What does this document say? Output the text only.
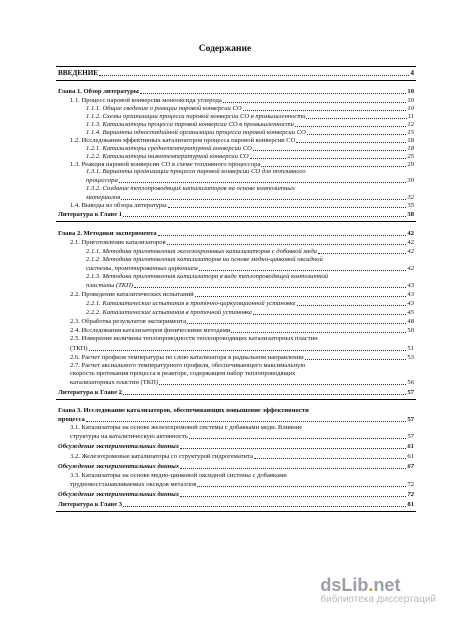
Содержание
ВВЕДЕНИЕ	4
Глава 1. Обзор литературы	10
1.1. Процесс паровой конверсии монооксида углерода	10
1.1.1. Общие сведения о реакции паровой конверсии CO	10
1.1.2. Схемы организации процесса паровой конверсии CO в промышленности	11
1.1.3. Катализаторы процесса паровой конверсии CO в промышленности	12
1.1.4. Варианты одностадийной организации процесса паровой конверсии CO	15
1.2. Исследования эффективных катализаторов процесса паровой конверсии CO	18
1.2.1. Катализаторы среднетемпературной конверсии CO	18
1.2.2. Катализаторы низкотемпературной конверсии CO	25
1.3. Реакция паровой конверсии CO в схеме топливного процессора	29
1.3.1. Варианты организации процесса паровой конверсии CO для топливного
процессора	30
1.3.2. Создание теплопроводящих катализаторов на основе композитных
материалов	32
1.4. Выводы из обзора литературы	35
Литература к Главе 1	38
Глава 2. Методики эксперимента	42
2.1. Приготовление катализаторов	42
2.1.1. Методика приготовления железохромовых катализаторов с добавкой меди	42
2.1.2. Методика приготовления катализаторов на основе медно-цинковой оксидной
системы, промотированных цирконием	42
2.1.3. Методика приготовления катализатора в виде теплопроводящей композитной
пластины (ТКП)	43
2.2. Проведение каталитических испытаний	43
2.2.1. Каталитические испытания в проточно-циркуляционной установке	43
2.2.2. Каталитические испытания в проточной установке	45
2.3. Обработка результатов эксперимента	48
2.4. Исследования катализаторов физическими методами	50
2.5. Измерение величины теплопроводности теплопроводящих катализаторных пластин
(ТКП)	51
2.6. Расчет профиля температуры по слою катализатора в радиальном направлении	53
2.7. Расчет аксиального температурного профиля, обеспечивающего максимальную
скорость протекания процесса в реакторе, содержащем набор теплопроводящих
катализаторных пластин (ТКП)	56
Литература к Главе 2	57
Глава 3. Исследование катализаторов, обеспечивающих повышение эффективности
процесса	57
3.1. Катализаторы на основе железохромовой системы с добавками меди. Влияние
структуры на каталитическую активность	57
Обсуждение экспериментальных данных	61
3.2. Железохромовые катализаторы со структурой гидрогематита	61
Обсуждение экспериментальных данных	67
3.3. Катализаторы на основе медно-цинковой оксидной системы с добавками
трудновосстанавливаемых оксидов металлов	72
Обсуждение экспериментальных данных	72
Литература к Главе 3	81
dsLib.net
библиотека диссертаций
